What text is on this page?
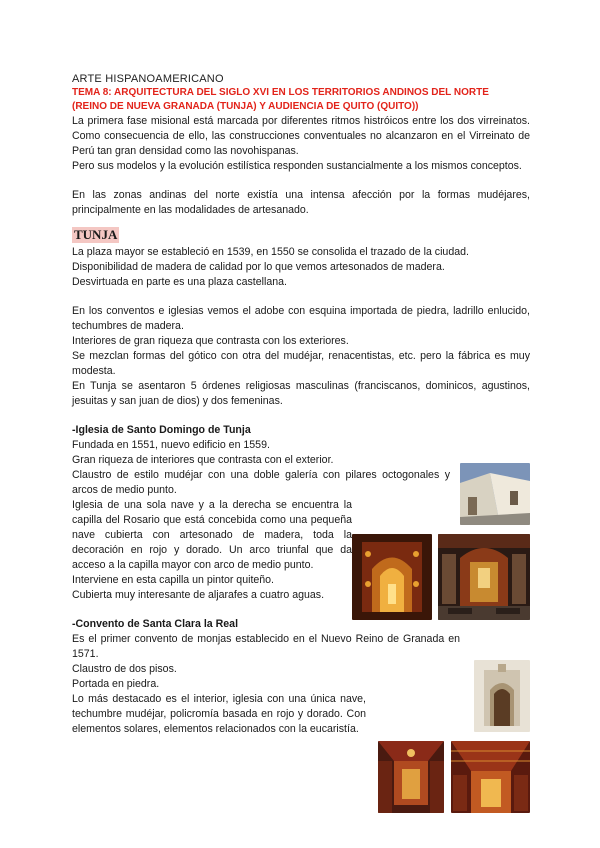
ARTE HISPANOAMERICANO

TEMA 8: ARQUITECTURA DEL SIGLO XVI EN LOS TERRITORIOS ANDINOS DEL NORTE

(REINO DE NUEVA GRANADA (TUNJA) Y AUDIENCIA DE QUITO (QUITO))

La primera fase misional está marcada por diferentes ritmos histróicos entre los dos virreinatos. Como consecuencia de ello, las construcciones conventuales no alcanzaron en el Virreinato de Perú tan gran densidad como las novohispanas.

Pero sus modelos y la evolución estilística responden sustancialmente a los mismos conceptos.

En las zonas andinas del norte existía una intensa afección por la formas mudéjares, principalmente en las modalidades de artesanado.

TUNJA

La plaza mayor se estableció en 1539, en 1550 se consolida el trazado de la ciudad.

Disponibilidad de madera de calidad por lo que vemos artesonados de madera.

Desvirtuada en parte es una plaza castellana.

En los conventos e iglesias vemos el adobe con esquina importada de piedra, ladrillo enlucido, techumbres de madera.

Interiores de gran riqueza que contrasta con los exteriores.

Se mezclan formas del gótico con otra del mudéjar, renacentistas, etc. pero la fábrica es muy modesta.

En Tunja se asentaron 5 órdenes religiosas masculinas (franciscanos, dominicos, agustinos, jesuitas y san juan de dios) y dos femeninas.

-Iglesia de Santo Domingo de Tunja

Fundada en 1551, nuevo edificio en 1559.

Gran riqueza de interiores que contrasta con el exterior.

Claustro de estilo mudéjar con una doble galería con pilares octogonales y arcos de medio punto.

Iglesia de una sola nave y a la derecha se encuentra la capilla del Rosario que está concebida como una pequeña nave cubierta con artesonado de madera, toda la decoración en rojo y dorado. Un arco triunfal que da acceso a la capilla mayor con arco de medio punto.

Interviene en esta capilla un pintor quiteño.

Cubierta muy interesante de aljarafes a cuatro aguas.

-Convento de Santa Clara la Real

Es el primer convento de monjas establecido en el Nuevo Reino de Granada en 1571.

Claustro de dos pisos.

Portada en piedra.

Lo más destacado es el interior, iglesia con una única nave, techumbre mudéjar, policromía basada en rojo y dorado. Con elementos solares, elementos relacionados con la eucaristía.
